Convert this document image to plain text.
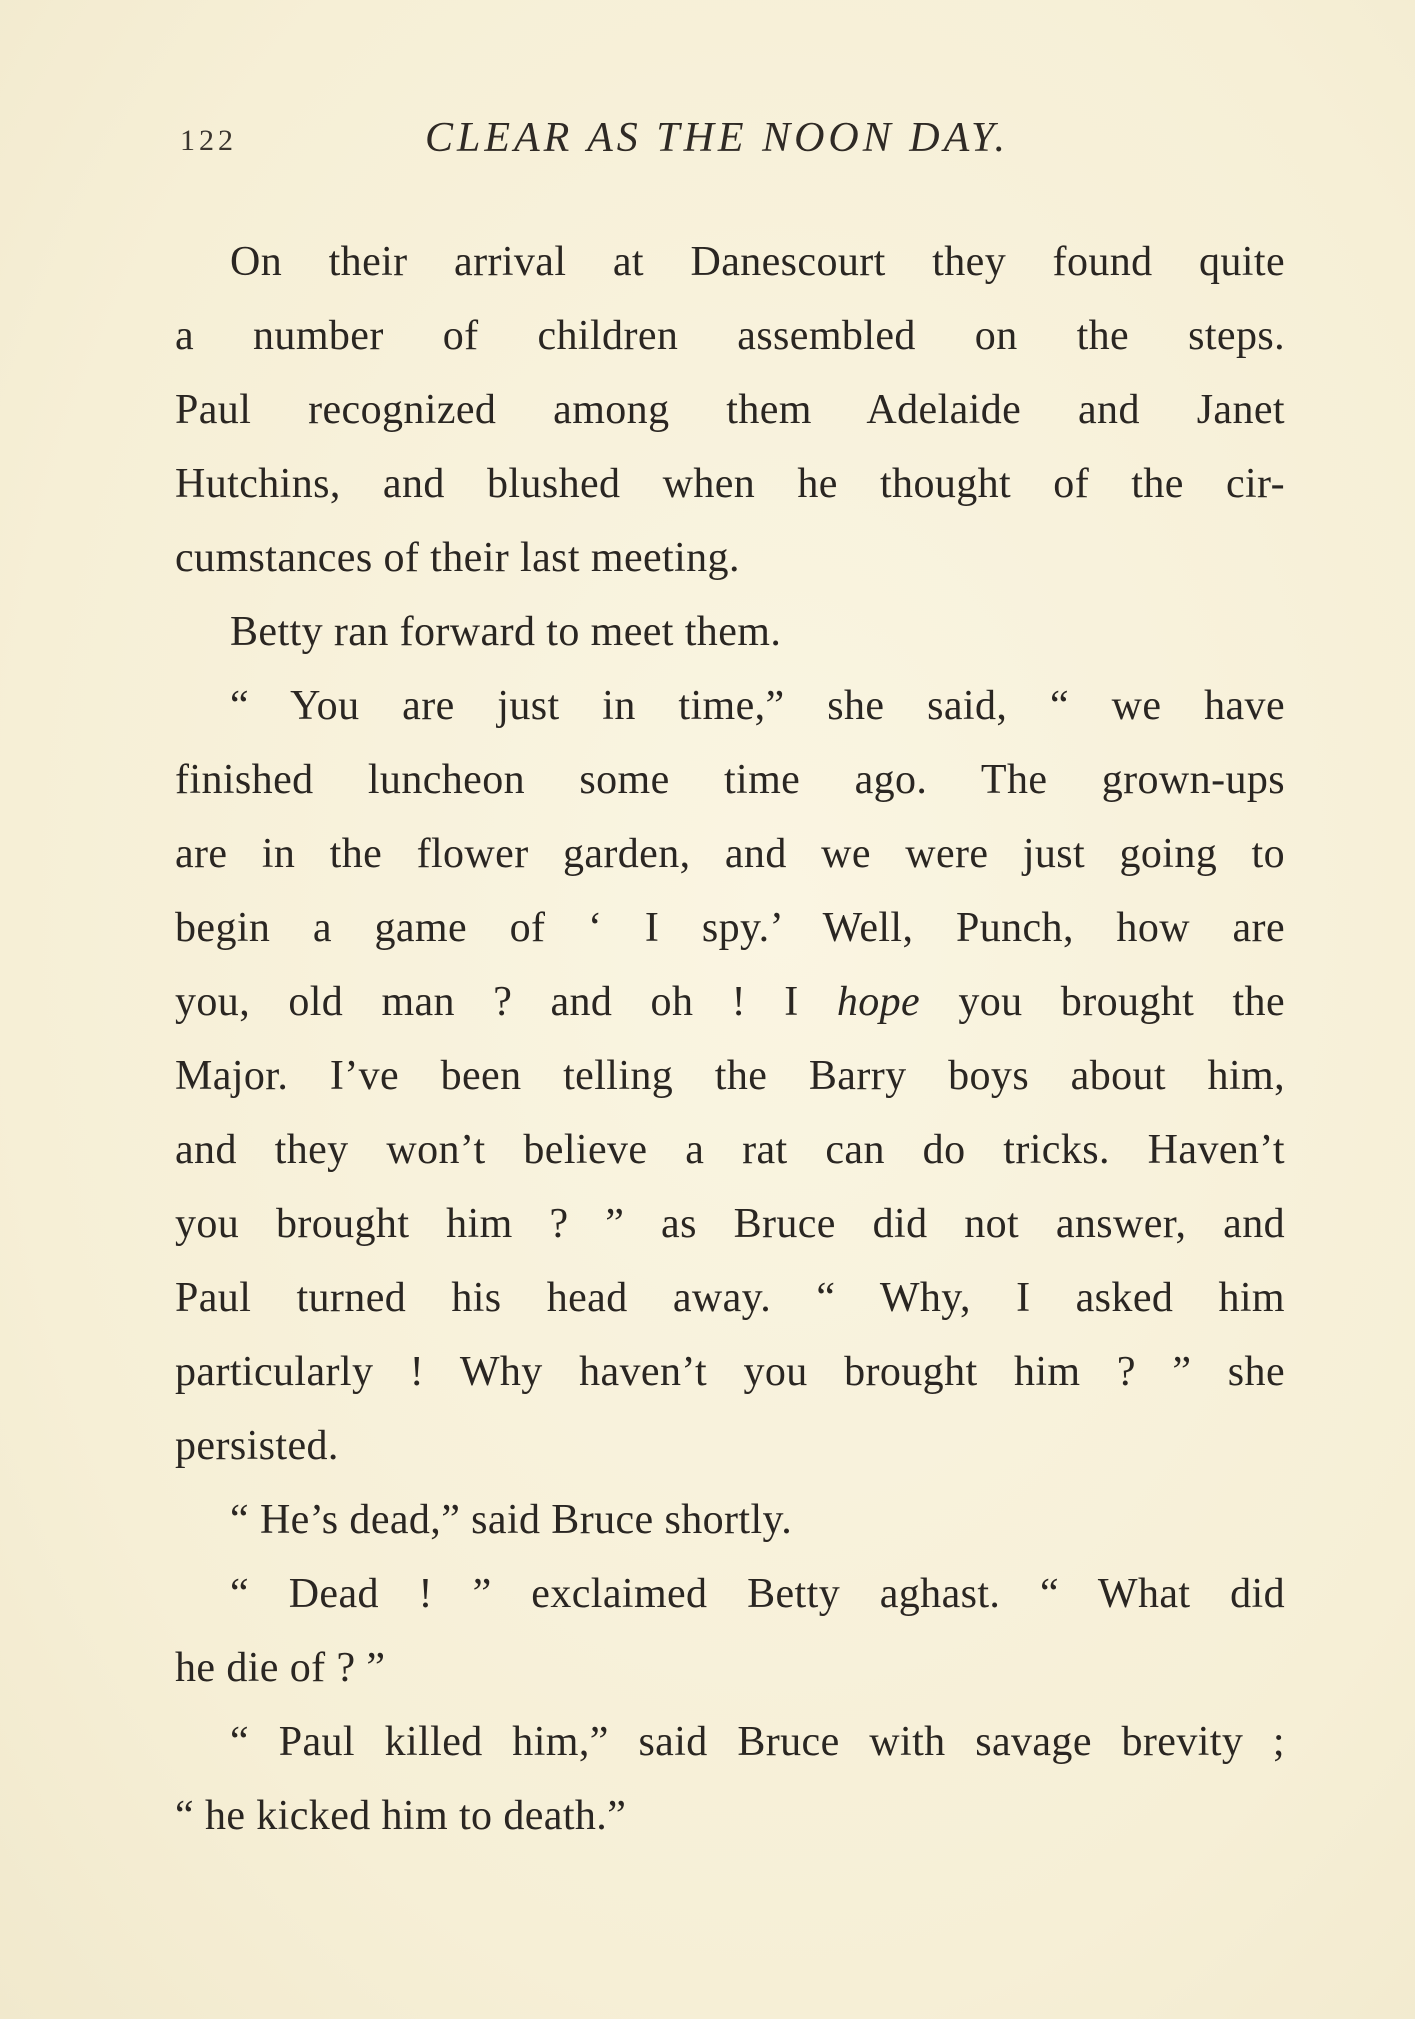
122	CLEAR AS THE NOON DAY.
On their arrival at Danescourt they found quite
a number of children assembled on the steps.
Paul recognized among them Adelaide and Janet
Hutchins, and blushed when he thought of the cir-
cumstances of their last meeting.
Betty ran forward to meet them.
“ You are just in time,” she said, “ we have
finished luncheon some time ago. The grown-ups
are in the flower garden, and we were just going to
begin a game of ‘ I spy.’ Well, Punch, how are
you, old man ? and oh ! I hope you brought the
Major. I’ve been telling the Barry boys about him,
and they won’t believe a rat can do tricks. Haven’t
you brought him ? ” as Bruce did not answer, and
Paul turned his head away. “ Why, I asked him
particularly ! Why haven’t you brought him ? ” she
persisted.
“ He’s dead,” said Bruce shortly.
“ Dead ! ” exclaimed Betty aghast. “ What did
he die of ? ”
“ Paul killed him,” said Bruce with savage brevity ;
“ he kicked him to death.”
